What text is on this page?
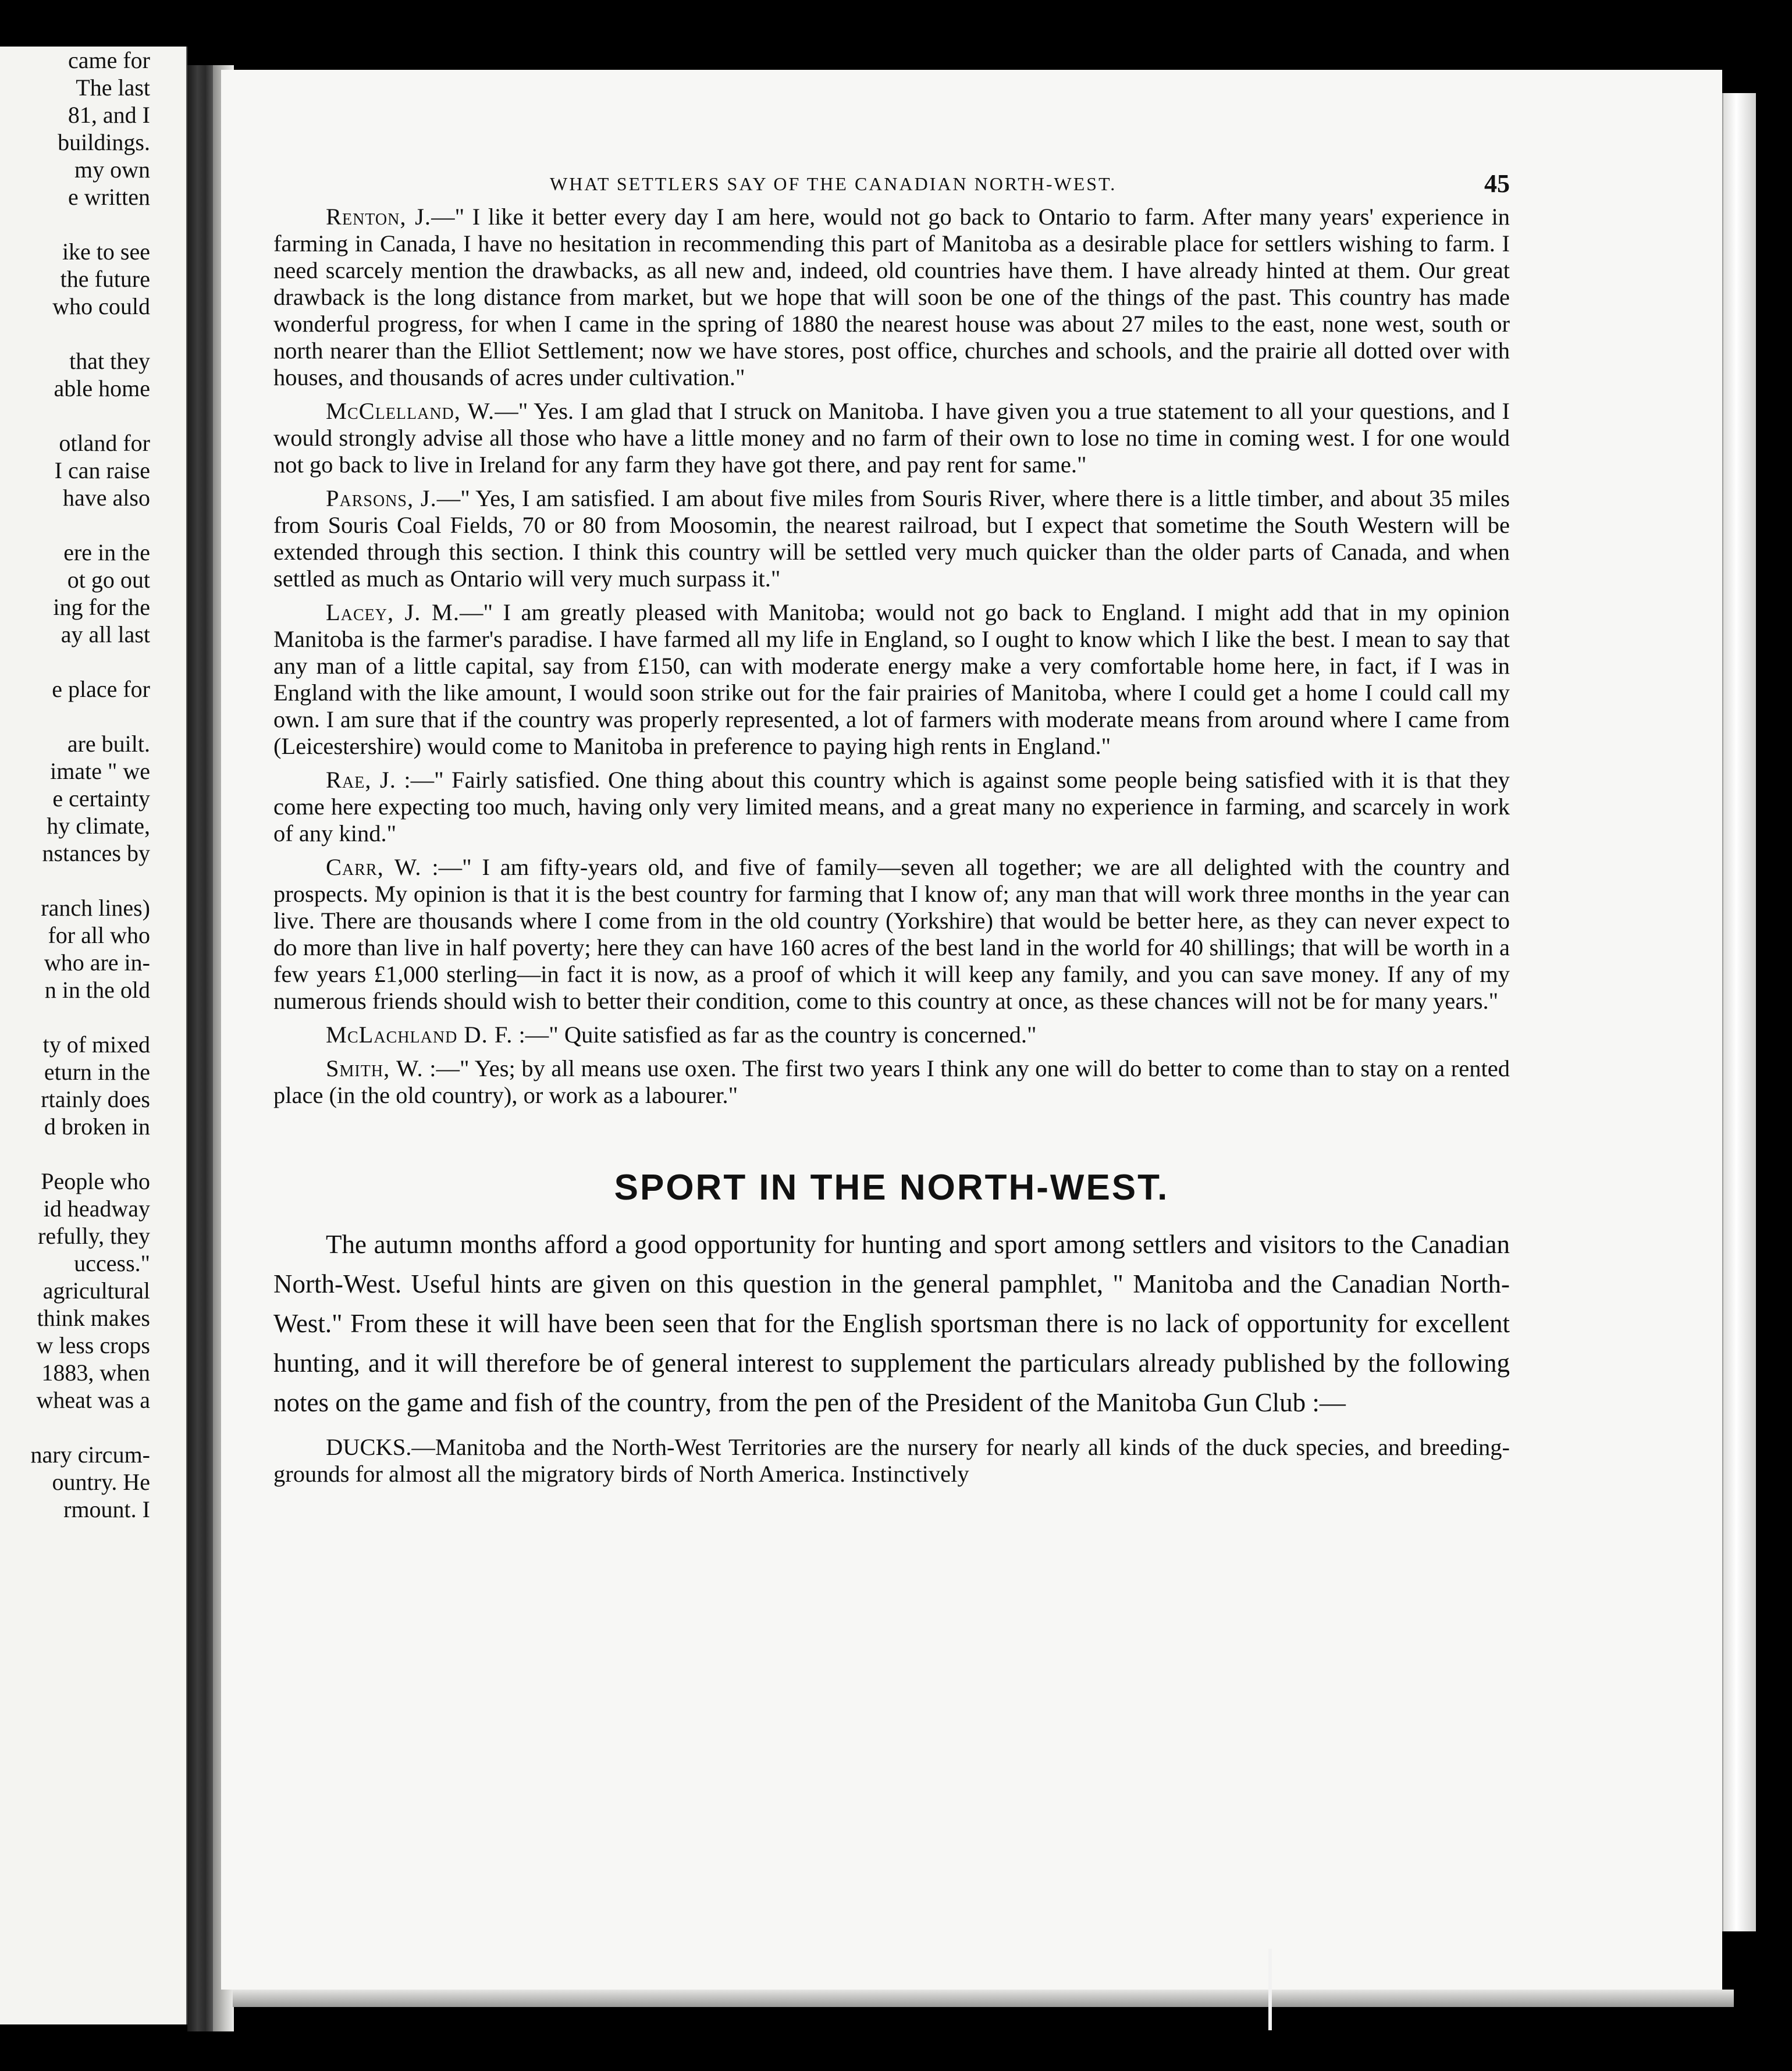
came for
The last
81, and I
buildings.
my own
e written
ike to see
the future
who could
that they
able home
otland for
I can raise
have also
ere in the
ot go out
ing for the
ay all last
e place for
are built.
imate " we
e certainty
hy climate,
nstances by
ranch lines)
for all who
who are in-
n in the old
ty of mixed
eturn in the
rtainly does
d broken in
People who
id headway
refully, they
uccess."
agricultural
think makes
w less crops
1883, when
wheat was a
nary circum-
ountry. He
rmount. I
WHAT SETTLERS SAY OF THE CANADIAN NORTH-WEST.	45

Renton, J.—" I like it better every day I am here, would not go back to Ontario to farm. After many years' experience in farming in Canada, I have no hesitation in recommending this part of Manitoba as a desirable place for settlers wishing to farm. I need scarcely mention the drawbacks, as all new and, indeed, old countries have them. I have already hinted at them. Our great drawback is the long distance from market, but we hope that will soon be one of the things of the past. This country has made wonderful progress, for when I came in the spring of 1880 the nearest house was about 27 miles to the east, none west, south or north nearer than the Elliot Settlement; now we have stores, post office, churches and schools, and the prairie all dotted over with houses, and thousands of acres under cultivation."

McClelland, W.—" Yes. I am glad that I struck on Manitoba. I have given you a true statement to all your questions, and I would strongly advise all those who have a little money and no farm of their own to lose no time in coming west. I for one would not go back to live in Ireland for any farm they have got there, and pay rent for same."

Parsons, J.—" Yes, I am satisfied. I am about five miles from Souris River, where there is a little timber, and about 35 miles from Souris Coal Fields, 70 or 80 from Moosomin, the nearest railroad, but I expect that sometime the South Western will be extended through this section. I think this country will be settled very much quicker than the older parts of Canada, and when settled as much as Ontario will very much surpass it."

Lacey, J. M.—" I am greatly pleased with Manitoba; would not go back to England. I might add that in my opinion Manitoba is the farmer's paradise. I have farmed all my life in England, so I ought to know which I like the best. I mean to say that any man of a little capital, say from £150, can with moderate energy make a very comfortable home here, in fact, if I was in England with the like amount, I would soon strike out for the fair prairies of Manitoba, where I could get a home I could call my own. I am sure that if the country was properly represented, a lot of farmers with moderate means from around where I came from (Leicestershire) would come to Manitoba in preference to paying high rents in England."

Rae, J. :—" Fairly satisfied. One thing about this country which is against some people being satisfied with it is that they come here expecting too much, having only very limited means, and a great many no experience in farming, and scarcely in work of any kind."

Carr, W. :—" I am fifty-years old, and five of family—seven all together; we are all delighted with the country and prospects. My opinion is that it is the best country for farming that I know of; any man that will work three months in the year can live. There are thousands where I come from in the old country (Yorkshire) that would be better here, as they can never expect to do more than live in half poverty; here they can have 160 acres of the best land in the world for 40 shillings; that will be worth in a few years £1,000 sterling—in fact it is now, as a proof of which it will keep any family, and you can save money. If any of my numerous friends should wish to better their condition, come to this country at once, as these chances will not be for many years."

McLachland D. F. :—" Quite satisfied as far as the country is concerned."

Smith, W. :—" Yes; by all means use oxen. The first two years I think any one will do better to come than to stay on a rented place (in the old country), or work as a labourer."

SPORT IN THE NORTH-WEST.

The autumn months afford a good opportunity for hunting and sport among settlers and visitors to the Canadian North-West. Useful hints are given on this question in the general pamphlet, " Manitoba and the Canadian North-West." From these it will have been seen that for the English sportsman there is no lack of opportunity for excellent hunting, and it will therefore be of general interest to supplement the particulars already published by the following notes on the game and fish of the country, from the pen of the President of the Manitoba Gun Club :—

DUCKS.—Manitoba and the North-West Territories are the nursery for nearly all kinds of the duck species, and breeding-grounds for almost all the migratory birds of North America. Instinctively
